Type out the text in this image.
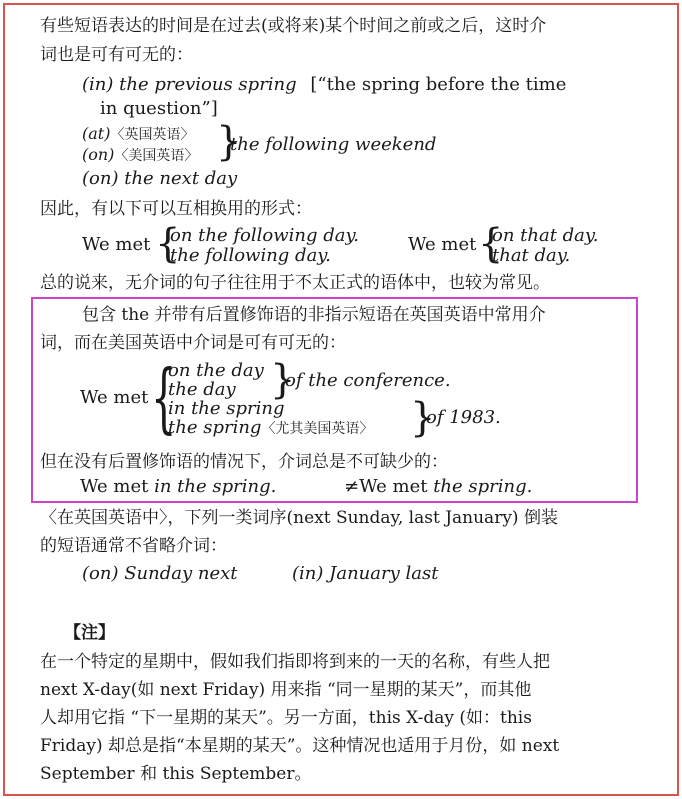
有些短语表达的时间是在过去(或将来)某个时间之前或之后，这时介
词也是可有可无的：
(in) the previous spring [“the spring before the time
in question”]
(at)〈英国英语〉
(on)〈美国英语〉 }
the following weekend
(on) the next day
因此，有以下可以互相换用的形式：
We met {
on the following day.
the following day.
We met {
on that day.
that day.
总的说来，无介词的句子往往用于不太正式的语体中，也较为常见。
包含 the 并带有后置修饰语的非指示短语在英国英语中常用介
词，而在美国英语中介词是可有可无的：
We met {
on the day
the day }
of the conference.
in the spring
the spring〈尤其美国英语〉 }
of 1983.
但在没有后置修饰语的情况下，介词总是不可缺少的：
We met in the spring.	≠We met the spring.
〈在英国英语中〉，下列一类词序(next Sunday, last January) 倒装
的短语通常不省略介词：
(on) Sunday next	(in) January last
【注】
在一个特定的星期中，假如我们指即将到来的一天的名称，有些人把
next X-day(如 next Friday) 用来指 “同一星期的某天”，而其他
人却用它指 “下一星期的某天”。另一方面，this X-day (如：this
Friday) 却总是指“本星期的某天”。这种情况也适用于月份，如 next
September 和 this September。
